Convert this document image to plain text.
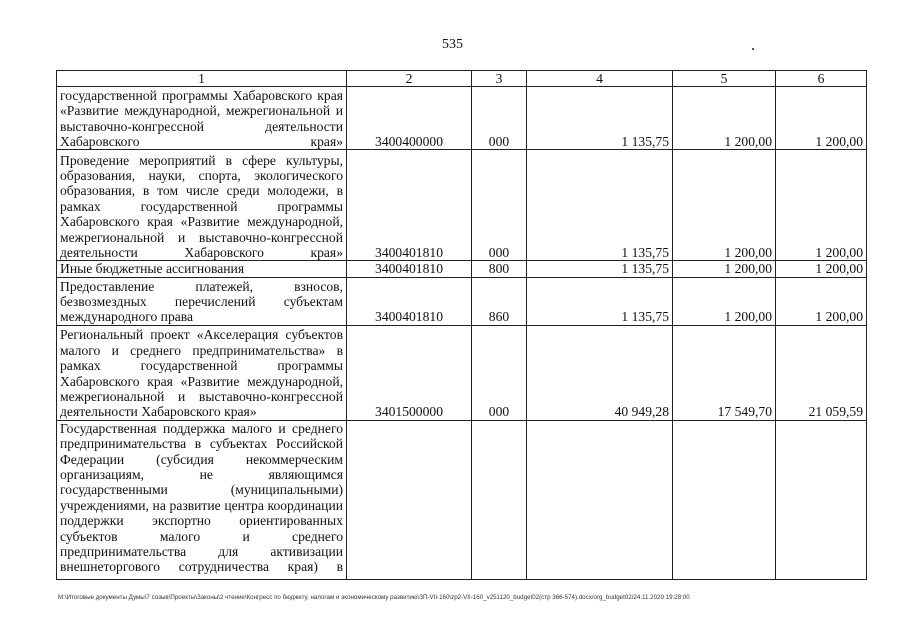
535
1	2	3	4	5	6
государственной программы Хабаровского края «Развитие международной, межрегиональной и выставочно-конгрессной деятельности Хабаровского края»	3400400000	000	1 135,75	1 200,00	1 200,00
Проведение мероприятий в сфере культуры, образования, науки, спорта, экологического образования, в том числе среди молодежи, в рамках государственной программы Хабаровского края «Развитие международной, межрегиональной и выставочно-конгрессной деятельности Хабаровского края»	3400401810	000	1 135,75	1 200,00	1 200,00
Иные бюджетные ассигнования	3400401810	800	1 135,75	1 200,00	1 200,00
Предоставление платежей, взносов, безвозмездных перечислений субъектам международного права	3400401810	860	1 135,75	1 200,00	1 200,00
Региональный проект «Акселерация субъектов малого и среднего предпринимательства» в рамках государственной программы Хабаровского края «Развитие международной, межрегиональной и выставочно-конгрессной деятельности Хабаровского края»	3401500000	000	40 949,28	17 549,70	21 059,59
Государственная поддержка малого и среднего предпринимательства в субъектах Российской Федерации (субсидия некоммерческим организациям, не являющимся государственными (муниципальными) учреждениями, на развитие центра координации поддержки экспортно ориентированных субъектов малого и среднего предпринимательства для активизации внешнеторгового сотрудничества края) в					
M:\Итоговые документы Думы\7 созыв\Проекты\Законы\2 чтение\Конгресс по бюджету, налогам и экономическому развитию\ЗП-VII-160\zp2-VII-160_v251120_budget02(стр 366-574).docx/org_budget02/24.11.2020 19:28:00
